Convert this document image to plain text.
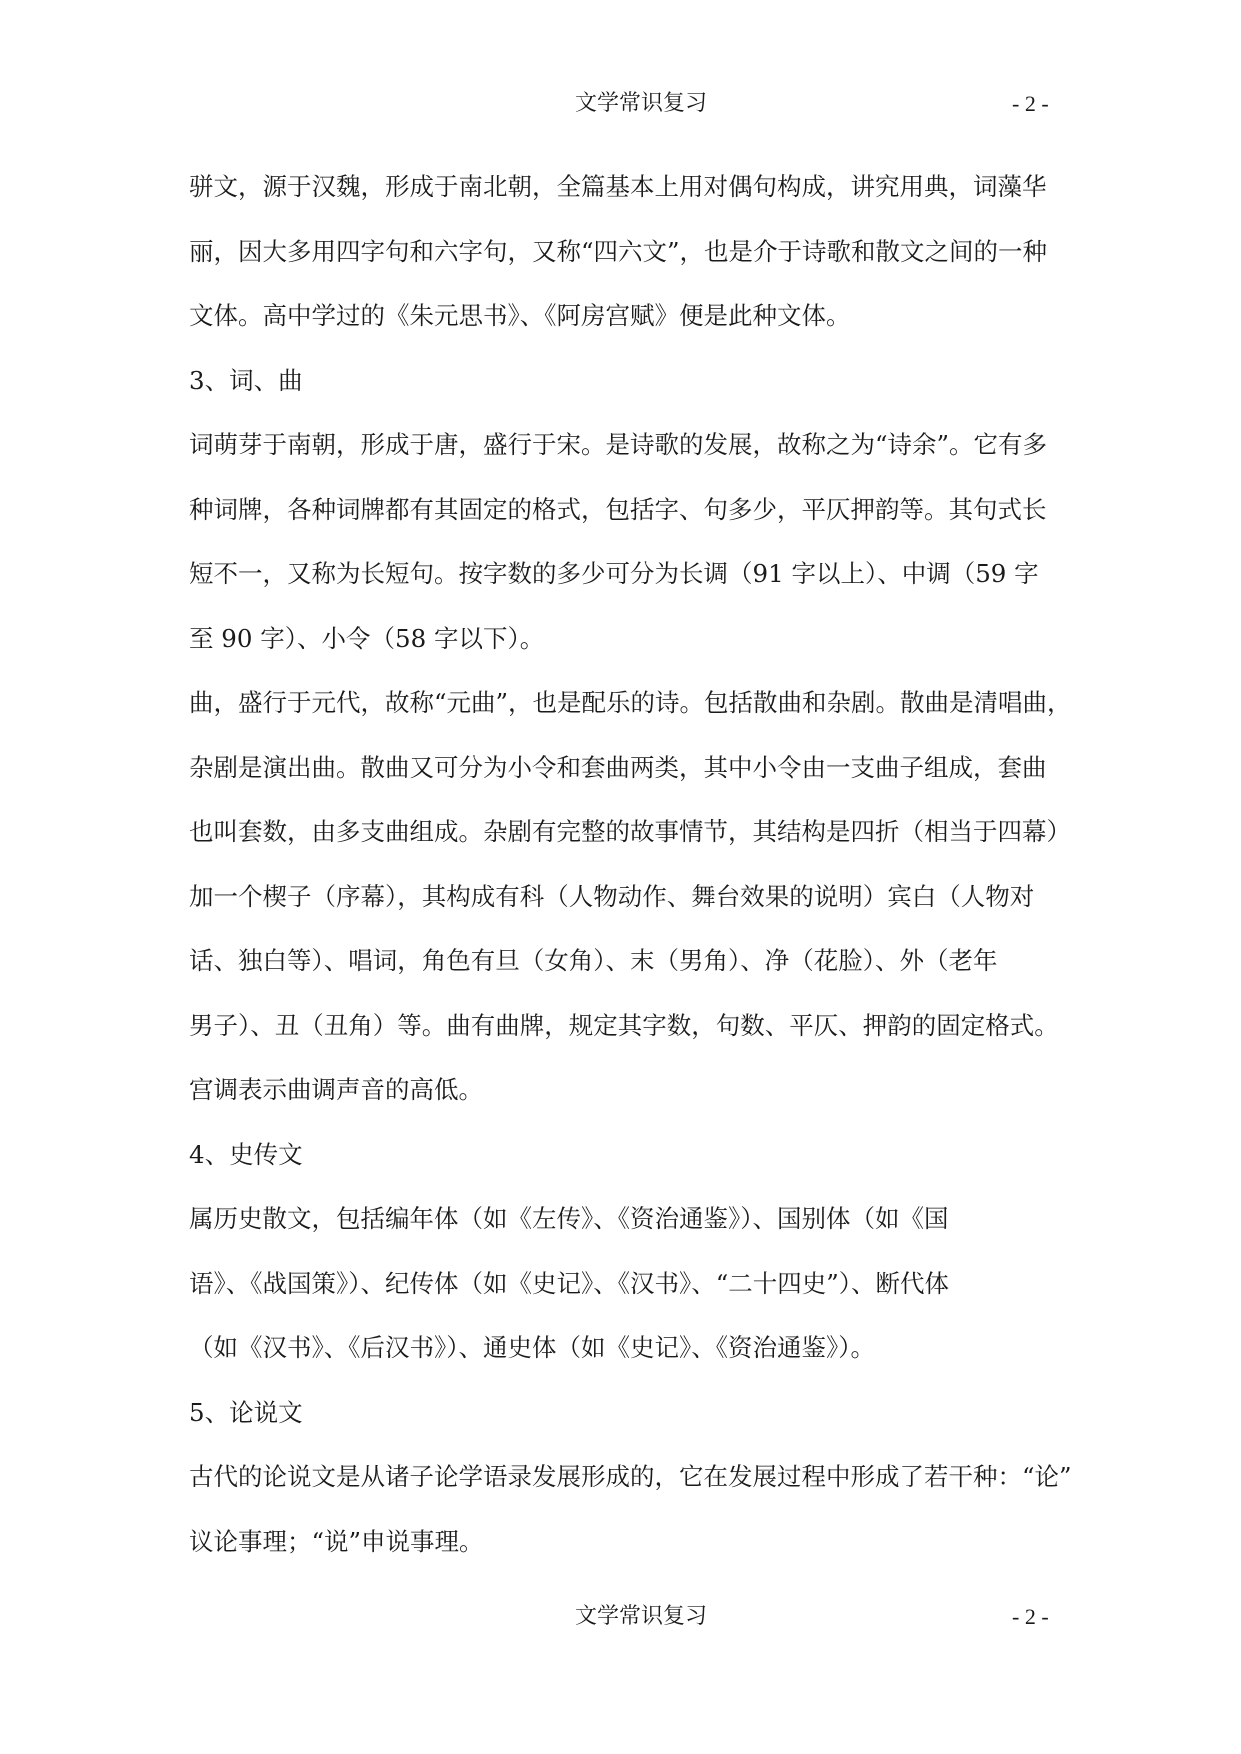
文学常识复习	- 2 -
骈文，源于汉魏，形成于南北朝，全篇基本上用对偶句构成，讲究用典，词藻华
丽，因大多用四字句和六字句，又称“四六文”，也是介于诗歌和散文之间的一种
文体。高中学过的《朱元思书》、《阿房宫赋》便是此种文体。
3、词、曲
词萌芽于南朝，形成于唐，盛行于宋。是诗歌的发展，故称之为“诗余”。它有多
种词牌，各种词牌都有其固定的格式，包括字、句多少，平仄押韵等。其句式长
短不一，又称为长短句。按字数的多少可分为长调（91 字以上）、中调（59 字
至 90 字）、小令（58 字以下）。
曲，盛行于元代，故称“元曲”，也是配乐的诗。包括散曲和杂剧。散曲是清唱曲，
杂剧是演出曲。散曲又可分为小令和套曲两类，其中小令由一支曲子组成，套曲
也叫套数，由多支曲组成。杂剧有完整的故事情节，其结构是四折（相当于四幕）
加一个楔子（序幕），其构成有科（人物动作、舞台效果的说明）宾白（人物对
话、独白等）、唱词，角色有旦（女角）、末（男角）、净（花脸）、外（老年
男子）、丑（丑角）等。曲有曲牌，规定其字数，句数、平仄、押韵的固定格式。
宫调表示曲调声音的高低。
4、史传文
属历史散文，包括编年体（如《左传》、《资治通鉴》）、国别体（如《国
语》、《战国策》）、纪传体（如《史记》、《汉书》、“二十四史”）、断代体
（如《汉书》、《后汉书》）、通史体（如《史记》、《资治通鉴》）。
5、论说文
古代的论说文是从诸子论学语录发展形成的，它在发展过程中形成了若干种：“论”
议论事理；“说”申说事理。
文学常识复习	- 2 -
